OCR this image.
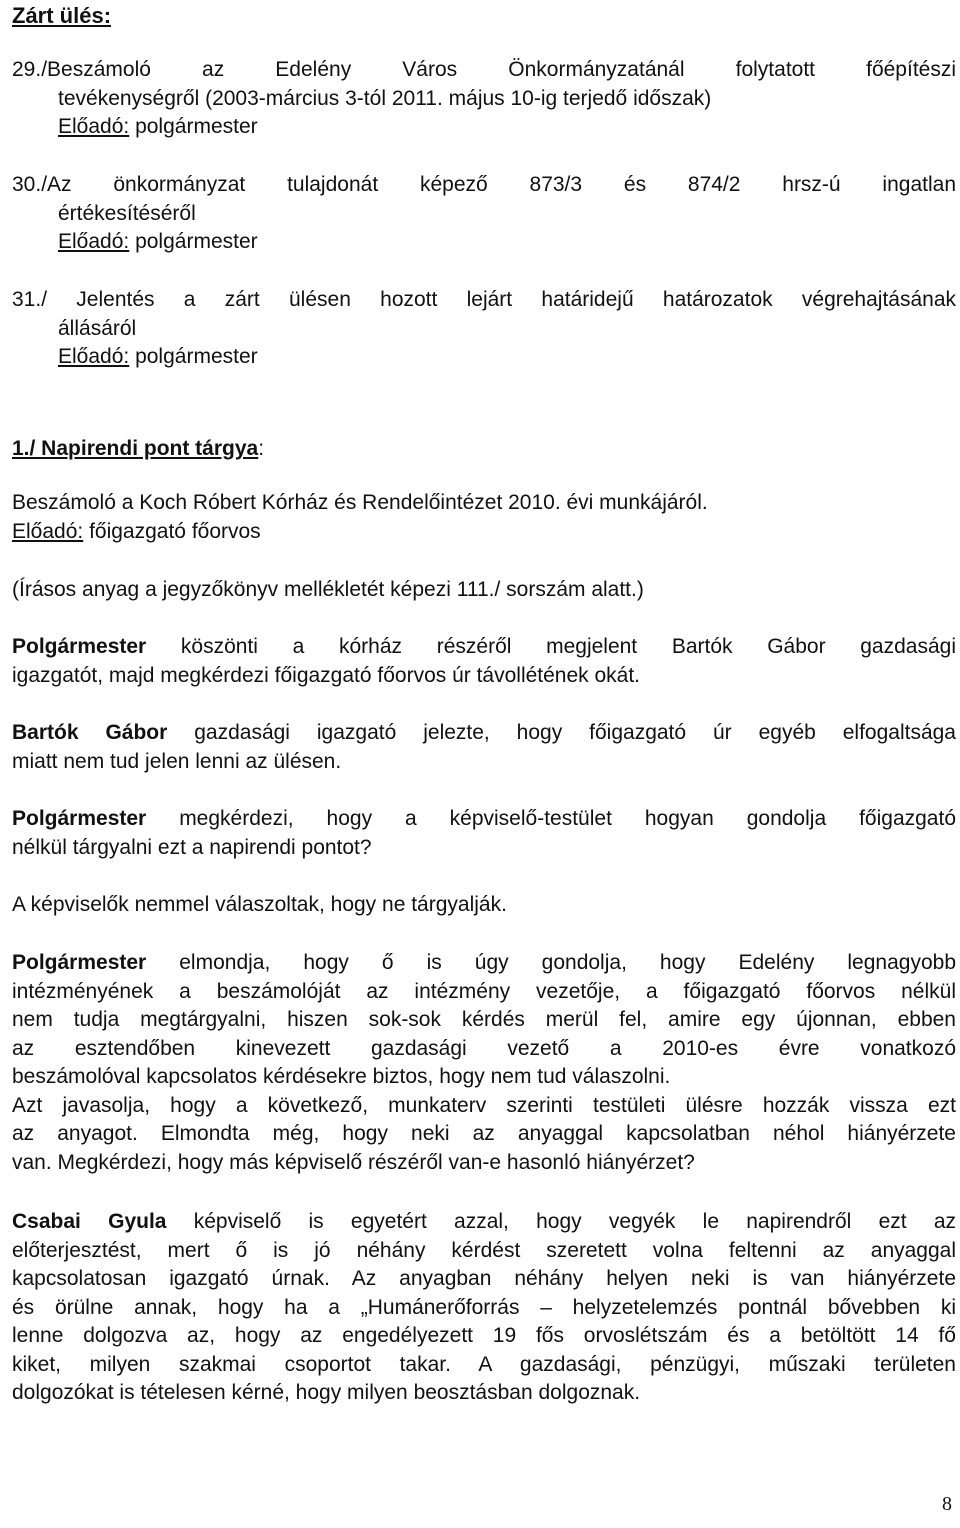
Zárt ülés:
29./Beszámoló az Edelény Város Önkormányzatánál folytatott főépítészi
tevékenységről (2003-március 3-tól 2011. május 10-ig terjedő időszak)
Előadó: polgármester
30./Az önkormányzat tulajdonát képező 873/3 és 874/2 hrsz-ú ingatlan
értékesítéséről
Előadó: polgármester
31./ Jelentés a zárt ülésen hozott lejárt határidejű határozatok végrehajtásának
állásáról
Előadó: polgármester
1./ Napirendi pont tárgya:
Beszámoló a Koch Róbert Kórház és Rendelőintézet 2010. évi munkájáról.
Előadó: főigazgató főorvos
(Írásos anyag a jegyzőkönyv mellékletét képezi 111./ sorszám alatt.)
Polgármester köszönti a kórház részéről megjelent Bartók Gábor gazdasági
igazgatót, majd megkérdezi főigazgató főorvos úr távollétének okát.
Bartók Gábor gazdasági igazgató jelezte, hogy főigazgató úr egyéb elfogaltsága
miatt nem tud jelen lenni az ülésen.
Polgármester megkérdezi, hogy a képviselő-testület hogyan gondolja főigazgató
nélkül tárgyalni ezt a napirendi pontot?
A képviselők nemmel válaszoltak, hogy ne tárgyalják.
Polgármester elmondja, hogy ő is úgy gondolja, hogy Edelény legnagyobb
intézményének a beszámolóját az intézmény vezetője, a főigazgató főorvos nélkül
nem tudja megtárgyalni, hiszen sok-sok kérdés merül fel, amire egy újonnan, ebben
az esztendőben kinevezett gazdasági vezető a 2010-es évre vonatkozó
beszámolóval kapcsolatos kérdésekre biztos, hogy nem tud válaszolni.
Azt javasolja, hogy a következő, munkaterv szerinti testületi ülésre hozzák vissza ezt
az anyagot. Elmondta még, hogy neki az anyaggal kapcsolatban néhol hiányérzete
van. Megkérdezi, hogy más képviselő részéről van-e hasonló hiányérzet?
Csabai Gyula képviselő is egyetért azzal, hogy vegyék le napirendről ezt az
előterjesztést, mert ő is jó néhány kérdést szeretett volna feltenni az anyaggal
kapcsolatosan igazgató úrnak. Az anyagban néhány helyen neki is van hiányérzete
és örülne annak, hogy ha a „Humánerőforrás – helyzetelemzés pontnál bővebben ki
lenne dolgozva az, hogy az engedélyezett 19 fős orvoslétszám és a betöltött 14 fő
kiket, milyen szakmai csoportot takar. A gazdasági, pénzügyi, műszaki területen
dolgozókat is tételesen kérné, hogy milyen beosztásban dolgoznak.
8
